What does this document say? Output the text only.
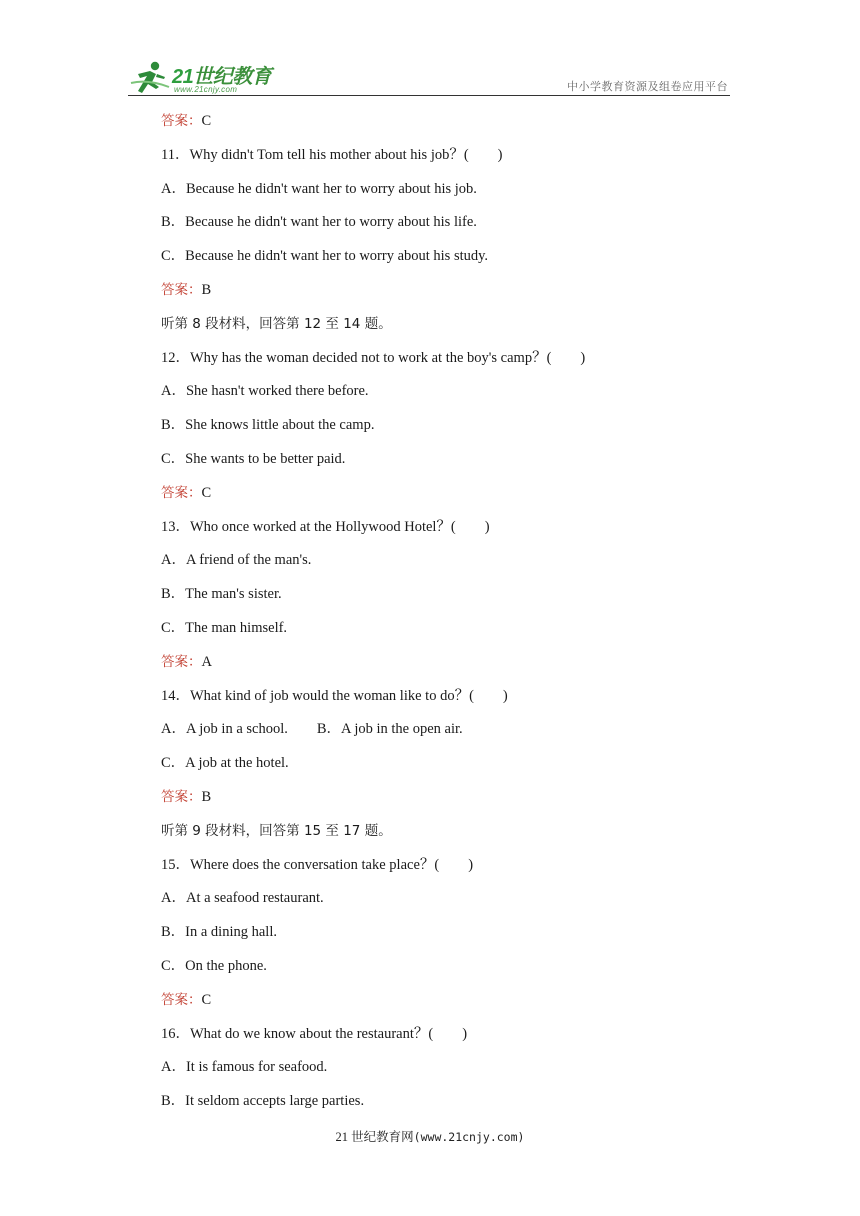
21世纪教育
www.21cnjy.com	中小学教育资源及组卷应用平台
答案：C
11．Why didn't Tom tell his mother about his job？(　　)
A．Because he didn't want her to worry about his job.
B．Because he didn't want her to worry about his life.
C．Because he didn't want her to worry about his study.
答案：B
听第 8 段材料，回答第 12 至 14 题。
12．Why has the woman decided not to work at the boy's camp？(　　)
A．She hasn't worked there before.
B．She knows little about the camp.
C．She wants to be better paid.
答案：C
13．Who once worked at the Hollywood Hotel？(　　)
A．A friend of the man's.
B．The man's sister.
C．The man himself.
答案：A
14．What kind of job would the woman like to do？(　　)
A．A job in a school.　　B．A job in the open air.
C．A job at the hotel.
答案：B
听第 9 段材料，回答第 15 至 17 题。
15．Where does the conversation take place？(　　)
A．At a seafood restaurant.
B．In a dining hall.
C．On the phone.
答案：C
16．What do we know about the restaurant？(　　)
A．It is famous for seafood.
B．It seldom accepts large parties.
21 世纪教育网(www.21cnjy.com)
